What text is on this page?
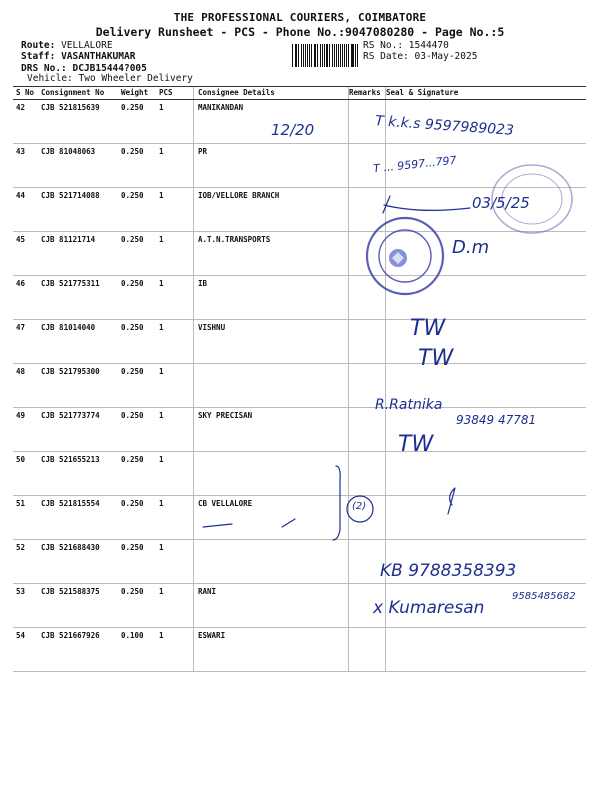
THE PROFESSIONAL COURIERS, COIMBATORE
Delivery Runsheet - PCS - Phone No.:9047080280 - Page No.:5
Route: VELLALORE
Staff: VASANTHAKUMAR
DRS No.: DCJB15444?005
Vehicle: Two Wheeler Delivery
RS No.: 1544470
RS Date: 03-May-2025
S No	Consignment No	Weight	PCS	Consignee Details	Remarks	Seal & Signature
42	CJB 521815639	0.250	1	MANIKANDAN		
43	CJB 81048063	0.250	1	PR		
44	CJB 521714088	0.250	1	IOB/VELLORE BRANCH		
45	CJB 81121714	0.250	1	A.T.N.TRANSPORTS		
46	CJB 521775311	0.250	1	IB		
47	CJB 81014040	0.250	1	VISHNU		
48	CJB 521795300	0.250	1			
49	CJB 521773774	0.250	1	SKY PRECISAN		
50	CJB 521655213	0.250	1			
51	CJB 521815554	0.250	1	CB VELLALORE		
52	CJB 521688430	0.250	1			
53	CJB 521588375	0.250	1	RANI		
54	CJB 521667926	0.100	1	ESWARI		
12/20	T k.k.s 9597989023
T ... 9597...797
03/5/25
D.m
TW
TW
R.Ratnika
93849 47781
TW
(2)
KB 9788358393
x Kumaresan
9585485682
